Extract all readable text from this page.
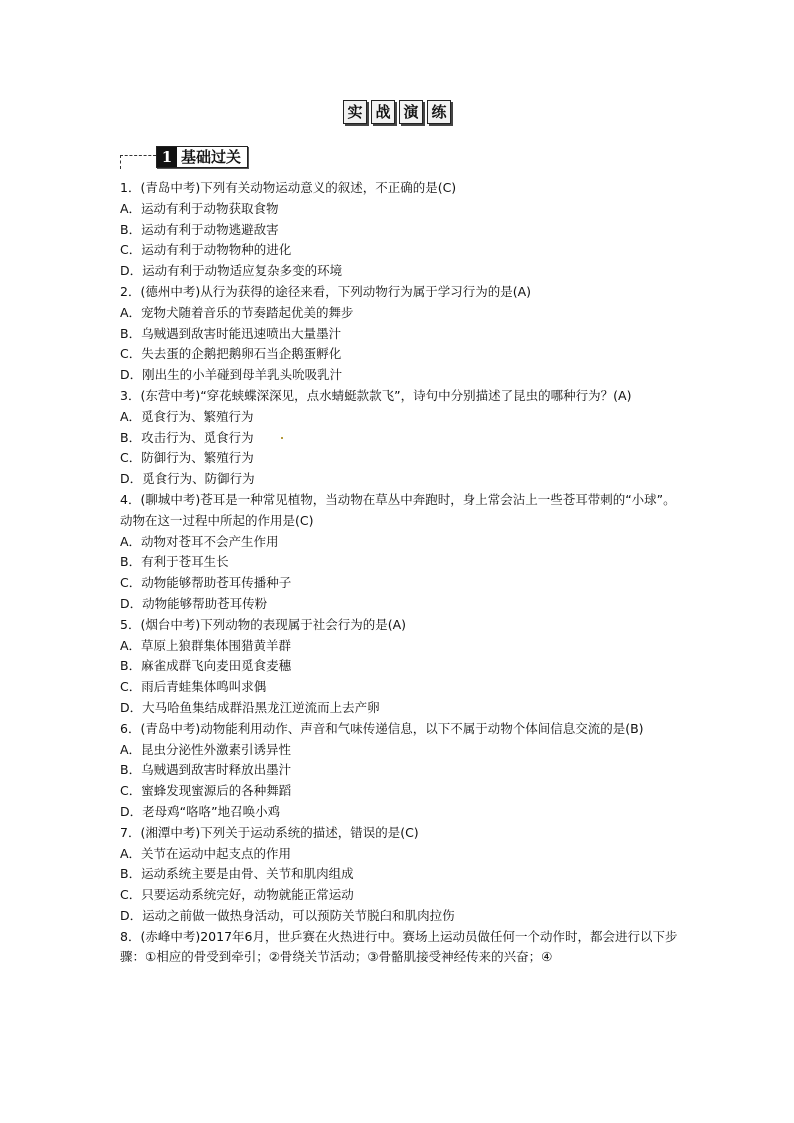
实 战 演 练
1 基础过关
1．(青岛中考)下列有关动物运动意义的叙述，不正确的是(C)
A．运动有利于动物获取食物
B．运动有利于动物逃避敌害
C．运动有利于动物物种的进化
D．运动有利于动物适应复杂多变的环境
2．(德州中考)从行为获得的途径来看，下列动物行为属于学习行为的是(A)
A．宠物犬随着音乐的节奏踏起优美的舞步
B．乌贼遇到敌害时能迅速喷出大量墨汁
C．失去蛋的企鹅把鹅卵石当企鹅蛋孵化
D．刚出生的小羊碰到母羊乳头吮吸乳汁
3．(东营中考)“穿花蛱蝶深深见，点水蜻蜓款款飞”，诗句中分别描述了昆虫的哪种行为？(A)
A．觅食行为、繁殖行为
B．攻击行为、觅食行为
C．防御行为、繁殖行为
D．觅食行为、防御行为
4．(聊城中考)苍耳是一种常见植物，当动物在草丛中奔跑时，身上常会沾上一些苍耳带刺的“小球”。动物在这一过程中所起的作用是(C)
A．动物对苍耳不会产生作用
B．有利于苍耳生长
C．动物能够帮助苍耳传播种子
D．动物能够帮助苍耳传粉
5．(烟台中考)下列动物的表现属于社会行为的是(A)
A．草原上狼群集体围猎黄羊群
B．麻雀成群飞向麦田觅食麦穗
C．雨后青蛙集体鸣叫求偶
D．大马哈鱼集结成群沿黑龙江逆流而上去产卵
6．(青岛中考)动物能利用动作、声音和气味传递信息，以下不属于动物个体间信息交流的是(B)
A．昆虫分泌性外激素引诱异性
B．乌贼遇到敌害时释放出墨汁
C．蜜蜂发现蜜源后的各种舞蹈
D．老母鸡“咯咯”地召唤小鸡
7．(湘潭中考)下列关于运动系统的描述，错误的是(C)
A．关节在运动中起支点的作用
B．运动系统主要是由骨、关节和肌肉组成
C．只要运动系统完好，动物就能正常运动
D．运动之前做一做热身活动，可以预防关节脱臼和肌肉拉伤
8．(赤峰中考)2017年6月，世乒赛在火热进行中。赛场上运动员做任何一个动作时，都会进行以下步骤：①相应的骨受到牵引；②骨绕关节活动；③骨骼肌接受神经传来的兴奋；④
